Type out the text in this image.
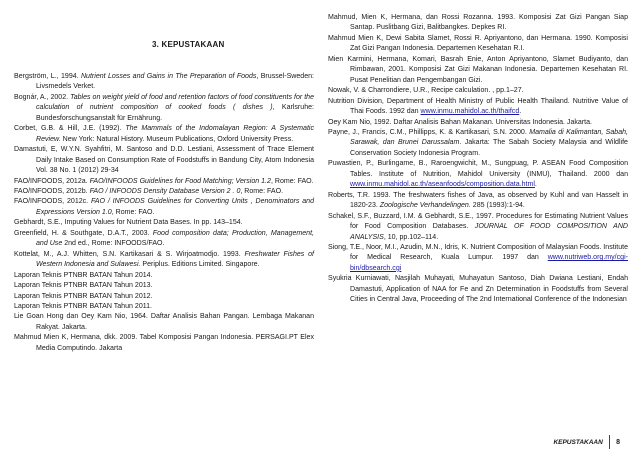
3. KEPUSTAKAAN

Bergström, L., 1994. Nutrient Losses and Gains in The Preparation of Foods, Brussel-Sweden: Livsmedels Verket.

Bognár, A., 2002. Tables on weight yield of food and retention factors of food constituents for the calculation of nutrient composition of cooked foods ( dishes ), Karlsruhe: Bundesforschungsanstalt für Ernährung.

Corbet, G.B. & Hill, J.E. (1992). The Mammals of the Indomalayan Region: A Systematic Review. New York: Natural History. Museum Publications, Oxford University Press.

Damastuti, E, W.Y.N. Syahfitri, M. Santoso and D.D. Lestiani, Assessment of Trace Element Daily Intake Based on Consumption Rate of Foodstuffs in Bandung City, Atom Indonesia Vol. 38 No. 1 (2012) 29-34

FAO/INFOODS, 2012a. FAO/INFOODS Guidelines for Food Matching; Version 1.2, Rome: FAO.

FAO/INFOODS, 2012b. FAO / INFOODS Density Database Version 2 . 0, Rome: FAO.

FAO/INFOODS, 2012c. FAO / INFOODS Guidelines for Converting Units , Denominators and Expressions Version 1.0, Rome: FAO.

Gebhardt, S.E., Imputing Values for Nutrient Data Bases. In pp. 143–154.

Greenfield, H. & Southgate, D.A.T., 2003. Food composition data; Production, Management, and Use 2nd ed., Rome: INFOODS/FAO.

Kottelat, M., A.J. Whitten, S.N. Kartikasari & S. Wirjoatmodjo. 1993. Freshwater Fishes of Western Indonesia and Sulawesi. Periplus. Editions Limited. Singapore.

Laporan Teknis PTNBR BATAN Tahun 2014.

Laporan Teknis PTNBR BATAN Tahun 2013.

Laporan Teknis PTNBR BATAN Tahun 2012.

Laporan Teknis PTNBR BATAN Tahun 2011.

Lie Goan Hong dan Oey Kam Nio, 1964. Daftar Analisis Bahan Pangan. Lembaga Makanan Rakyat. Jakarta.

Mahmud Mien K, Hermana, dkk. 2009. Tabel Komposisi Pangan Indonesia. PERSAGI.PT Elex Media Computindo. Jakarta

Mahmud, Mien K, Hermana, dan Rossi Rozanna. 1993. Komposisi Zat Gizi Pangan Siap Santap. Puslitbang Gizi, Balitbangkes. Depkes RI.

Mahmud Mien K, Dewi Sabita Slamet, Rossi R. Apriyantono, dan Hermana. 1990. Komposisi Zat Gizi Pangan Indonesia. Departemen Kesehatan R.I.

Mien Karmini, Hermana, Komari, Basrah Enie, Anton Apriyantono, Slamet Budiyanto, dan Rimbawan, 2001. Komposisi Zat Gizi Makanan Indonesia. Departemen Kesehatan RI. Pusat Penelitian dan Pengembangan Gizi.

Nowak, V. & Charrondiere, U.R., Recipe calculation. , pp.1–27.

Nutrition Division, Department of Health Ministry of Public Health Thailand. Nutritive Value of Thai Foods. 1992 dan www.inmu.mahidol.ac.th/thaifcd.

Oey Kam Nio, 1992. Daftar Analisis Bahan Makanan. Universitas Indonesia. Jakarta.

Payne, J., Francis, C.M., Phillipps, K. & Kartikasari, S.N. 2000. Mamalia di Kalimantan, Sabah, Sarawak, dan Brunei Darussalam. Jakarta: The Sabah Society Malaysia and Wildlife Conservation Society Indonesia Program.

Puwastien, P., Burlingame, B., Raroengwichit, M., Sungpuag, P. ASEAN Food Composition Tables. Institute of Nutrition, Mahidol University (INMU), Thailand. 2000 dan www.inmu.mahidol.ac.th/aseanfoods/composition.data.html.

Roberts, T.R. 1993. The freshwaters fishes of Java, as observed by Kuhl and van Hasselt in 1820-23. Zoologische Verhandelingen. 285 (1993):1-94.

Schakel, S.F., Buzzard, I.M. & Gebhardt, S.E., 1997. Procedures for Estimating Nutrient Values for Food Composition Databases. JOURNAL OF FOOD COMPOSITION AND ANALYSIS, 10, pp.102–114.

Siong, T.E., Noor, M.I., Azudin, M.N., Idris, K. Nutrient Composition of Malaysian Foods. Institute for Medical Research, Kuala Lumpur. 1997 dan www.nutriweb.org.my/cgi-bin/dbsearch.cgi

Syukria Kurniawati, Nasjilah Muhayati, Muhayatun Santoso, Diah Dwiana Lestiani, Endah Damastuti, Application of NAA for Fe and Zn Determination in Foodstuffs from Several Cities in Central Java, Proceeding of The 2nd International Conference of the Indonesian

KEPUSTAKAAN 8
